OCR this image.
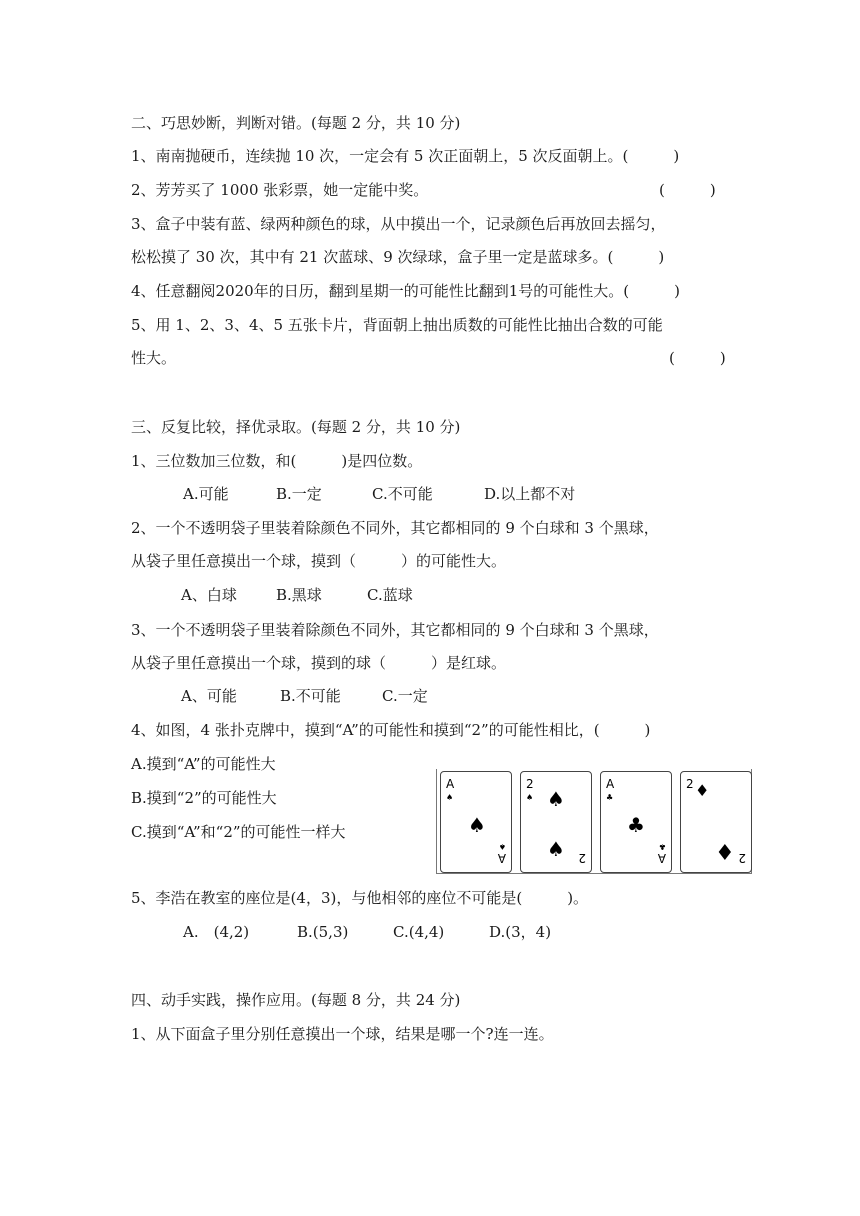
二、巧思妙断，判断对错。(每题 2 分，共 10 分)
1、南南抛硬币，连续抛 10 次，一定会有 5 次正面朝上，5 次反面朝上。(　　　)
2、芳芳买了 1000 张彩票，她一定能中奖。	(　　　)
3、盒子中装有蓝、绿两种颜色的球，从中摸出一个，记录颜色后再放回去摇匀，
松松摸了 30 次，其中有 21 次蓝球、9 次绿球，盒子里一定是蓝球多。(　　　)
4、任意翻阅2020年的日历，翻到星期一的可能性比翻到1号的可能性大。(　　　)
5、用 1、2、3、4、5 五张卡片，背面朝上抽出质数的可能性比抽出合数的可能
性大。	(　　　)
三、反复比较，择优录取。(每题 2 分，共 10 分)
1、三位数加三位数，和(　　　)是四位数。
A.可能	B.一定	C.不可能	D.以上都不对
2、一个不透明袋子里装着除颜色不同外，其它都相同的 9 个白球和 3 个黑球，
从袋子里任意摸出一个球，摸到（　　　）的可能性大。
A、白球	B.黑球	C.蓝球
3、一个不透明袋子里装着除颜色不同外，其它都相同的 9 个白球和 3 个黑球，
从袋子里任意摸出一个球，摸到的球（　　　）是红球。
A、可能	B.不可能	C.一定
4、如图，4 张扑克牌中，摸到“A”的可能性和摸到“2”的可能性相比，(　　　)
A.摸到“A”的可能性大
B.摸到“2”的可能性大
C.摸到“A”和“2”的可能性一样大
A
♠
♠
A
♠
2
♠ ♠
♠ 2
A
♣
♣
A
♣
2 ♦
♦ 2
5、李浩在教室的座位是(4，3)，与他相邻的座位不可能是(　　　)。
A.　(4,2)	B.(5,3)	C.(4,4)	D.(3，4)
四、动手实践，操作应用。(每题 8 分，共 24 分)
1、从下面盒子里分别任意摸出一个球，结果是哪一个?连一连。
